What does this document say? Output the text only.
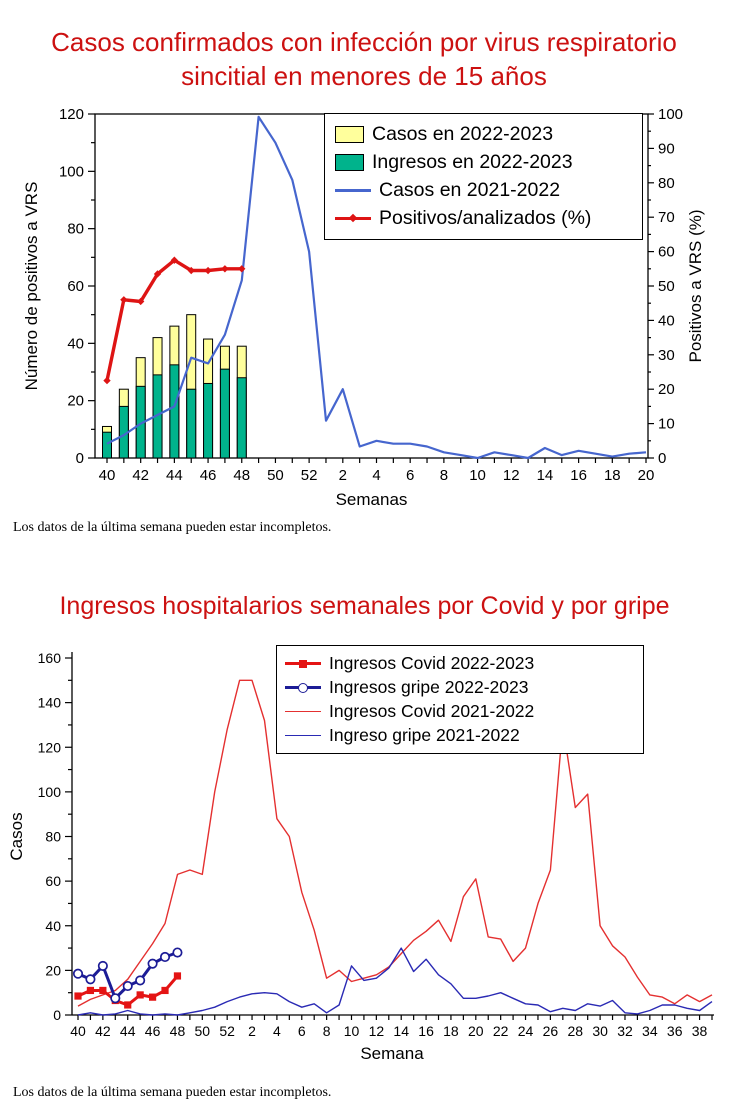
Casos confirmados con infección por virus respiratorio sincitial en menores de 15 años
0
20
40
60
80
100
120
0
10
20
30
40
50
60
70
80
90
100
40 42 44 46 48 50 52 2 4 6 8 10 12 14 16 18 20
Número de positivos a VRS	Positivos a VRS (%)
Semanas
Casos en 2022-2023
Ingresos en 2022-2023
Casos en 2021-2022
Positivos/analizados (%)
Los datos de la última semana pueden estar incompletos.
Ingresos hospitalarios semanales por Covid y por gripe
0
20
40
60
80
100
120
140
160
40 42 44 46 48 50 52 2 4 6 8 10 12 14 16 18 20 22 24 26 28 30 32 34 36 38
Casos
Semana
Ingresos Covid 2022-2023
Ingresos gripe 2022-2023
Ingresos Covid 2021-2022
Ingreso gripe 2021-2022
Los datos de la última semana pueden estar incompletos.
